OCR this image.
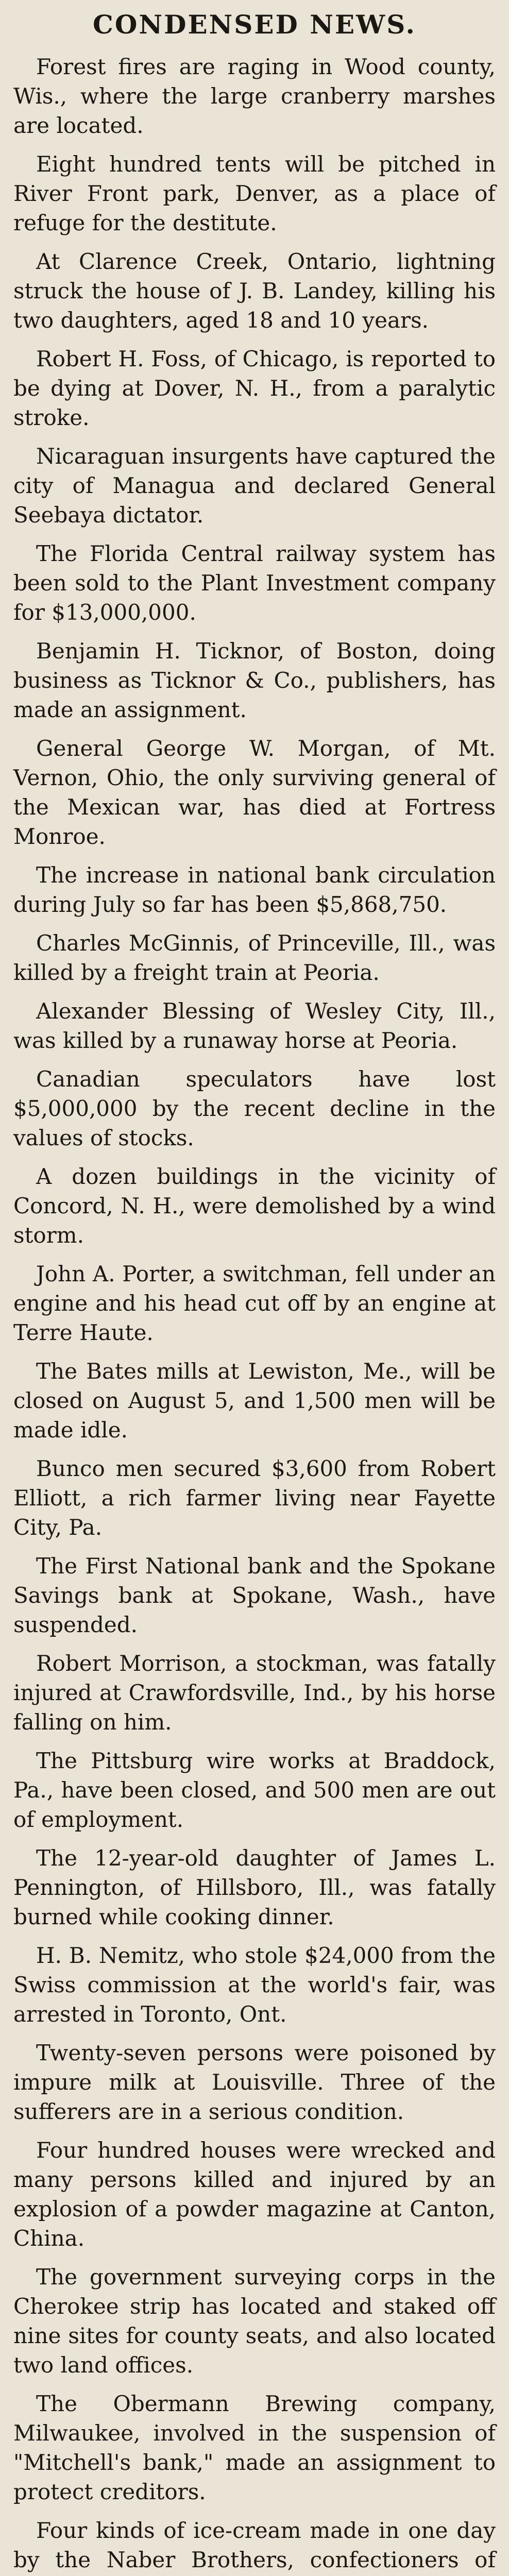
CONDENSED NEWS.

Forest fires are raging in Wood county, Wis., where the large cranberry marshes are located.

Eight hundred tents will be pitched in River Front park, Denver, as a place of refuge for the destitute.

At Clarence Creek, Ontario, lightning struck the house of J. B. Landey, killing his two daughters, aged 18 and 10 years.

Robert H. Foss, of Chicago, is reported to be dying at Dover, N. H., from a paralytic stroke.

Nicaraguan insurgents have captured the city of Managua and declared General Seebaya dictator.

The Florida Central railway system has been sold to the Plant Investment company for $13,000,000.

Benjamin H. Ticknor, of Boston, doing business as Ticknor & Co., publishers, has made an assignment.

General George W. Morgan, of Mt. Vernon, Ohio, the only surviving general of the Mexican war, has died at Fortress Monroe.

The increase in national bank circulation during July so far has been $5,868,750.

Charles McGinnis, of Princeville, Ill., was killed by a freight train at Peoria.

Alexander Blessing of Wesley City, Ill., was killed by a runaway horse at Peoria.

Canadian speculators have lost $5,000,000 by the recent decline in the values of stocks.

A dozen buildings in the vicinity of Concord, N. H., were demolished by a wind storm.

John A. Porter, a switchman, fell under an engine and his head cut off by an engine at Terre Haute.

The Bates mills at Lewiston, Me., will be closed on August 5, and 1,500 men will be made idle.

Bunco men secured $3,600 from Robert Elliott, a rich farmer living near Fayette City, Pa.

The First National bank and the Spokane Savings bank at Spokane, Wash., have suspended.

Robert Morrison, a stockman, was fatally injured at Crawfordsville, Ind., by his horse falling on him.

The Pittsburg wire works at Braddock, Pa., have been closed, and 500 men are out of employment.

The 12-year-old daughter of James L. Pennington, of Hillsboro, Ill., was fatally burned while cooking dinner.

H. B. Nemitz, who stole $24,000 from the Swiss commission at the world's fair, was arrested in Toronto, Ont.

Twenty-seven persons were poisoned by impure milk at Louisville. Three of the sufferers are in a serious condition.

Four hundred houses were wrecked and many persons killed and injured by an explosion of a powder magazine at Canton, China.

The government surveying corps in the Cherokee strip has located and staked off nine sites for county seats, and also located two land offices.

The Obermann Brewing company, Milwaukee, involved in the suspension of "Mitchell's bank," made an assignment to protect creditors.

Four kinds of ice-cream made in one day by the Naber Brothers, confectioners of
